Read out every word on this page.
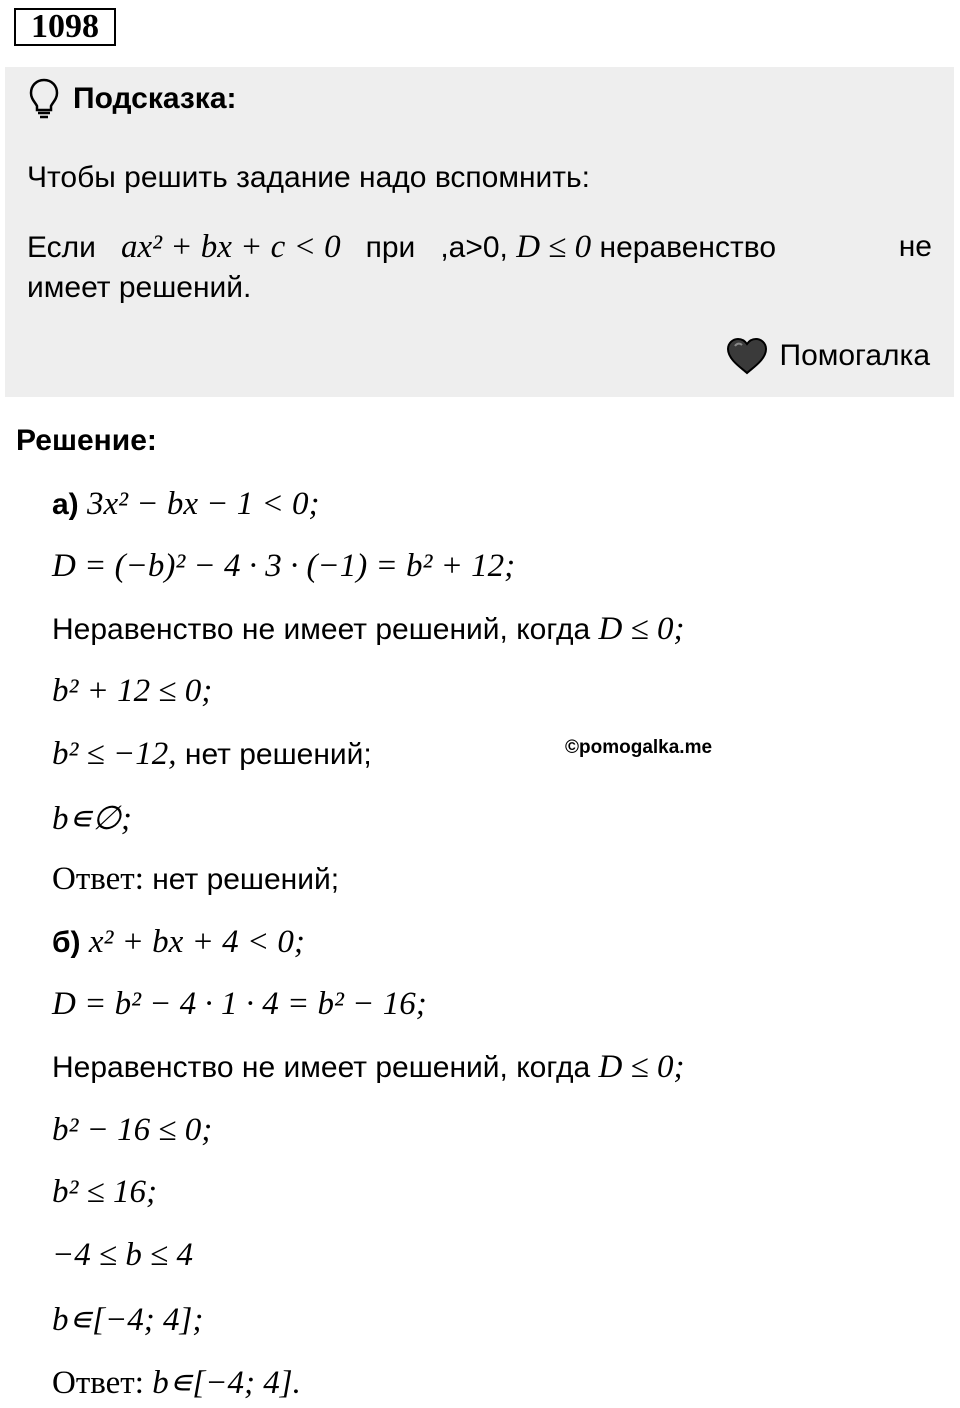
1098
Подсказка:
Чтобы решить задание надо вспомнить:
Если ax² + bx + c < 0 при ,a>0, D ≤ 0 неравенство	не
имеет решений.
Помогалка
Решение:
а) 3x² − bx − 1 < 0;
D = (−b)² − 4 · 3 · (−1) = b² + 12;
Неравенство не имеет решений, когда D ≤ 0;
b² + 12 ≤ 0;
b² ≤ −12, нет решений;	©pomogalka.me
b∊∅;
Ответ: нет решений;
б) x² + bx + 4 < 0;
D = b² − 4 · 1 · 4 = b² − 16;
Неравенство не имеет решений, когда D ≤ 0;
b² − 16 ≤ 0;
b² ≤ 16;
−4 ≤ b ≤ 4
b∊[−4; 4];
Ответ: b∊[−4; 4].
